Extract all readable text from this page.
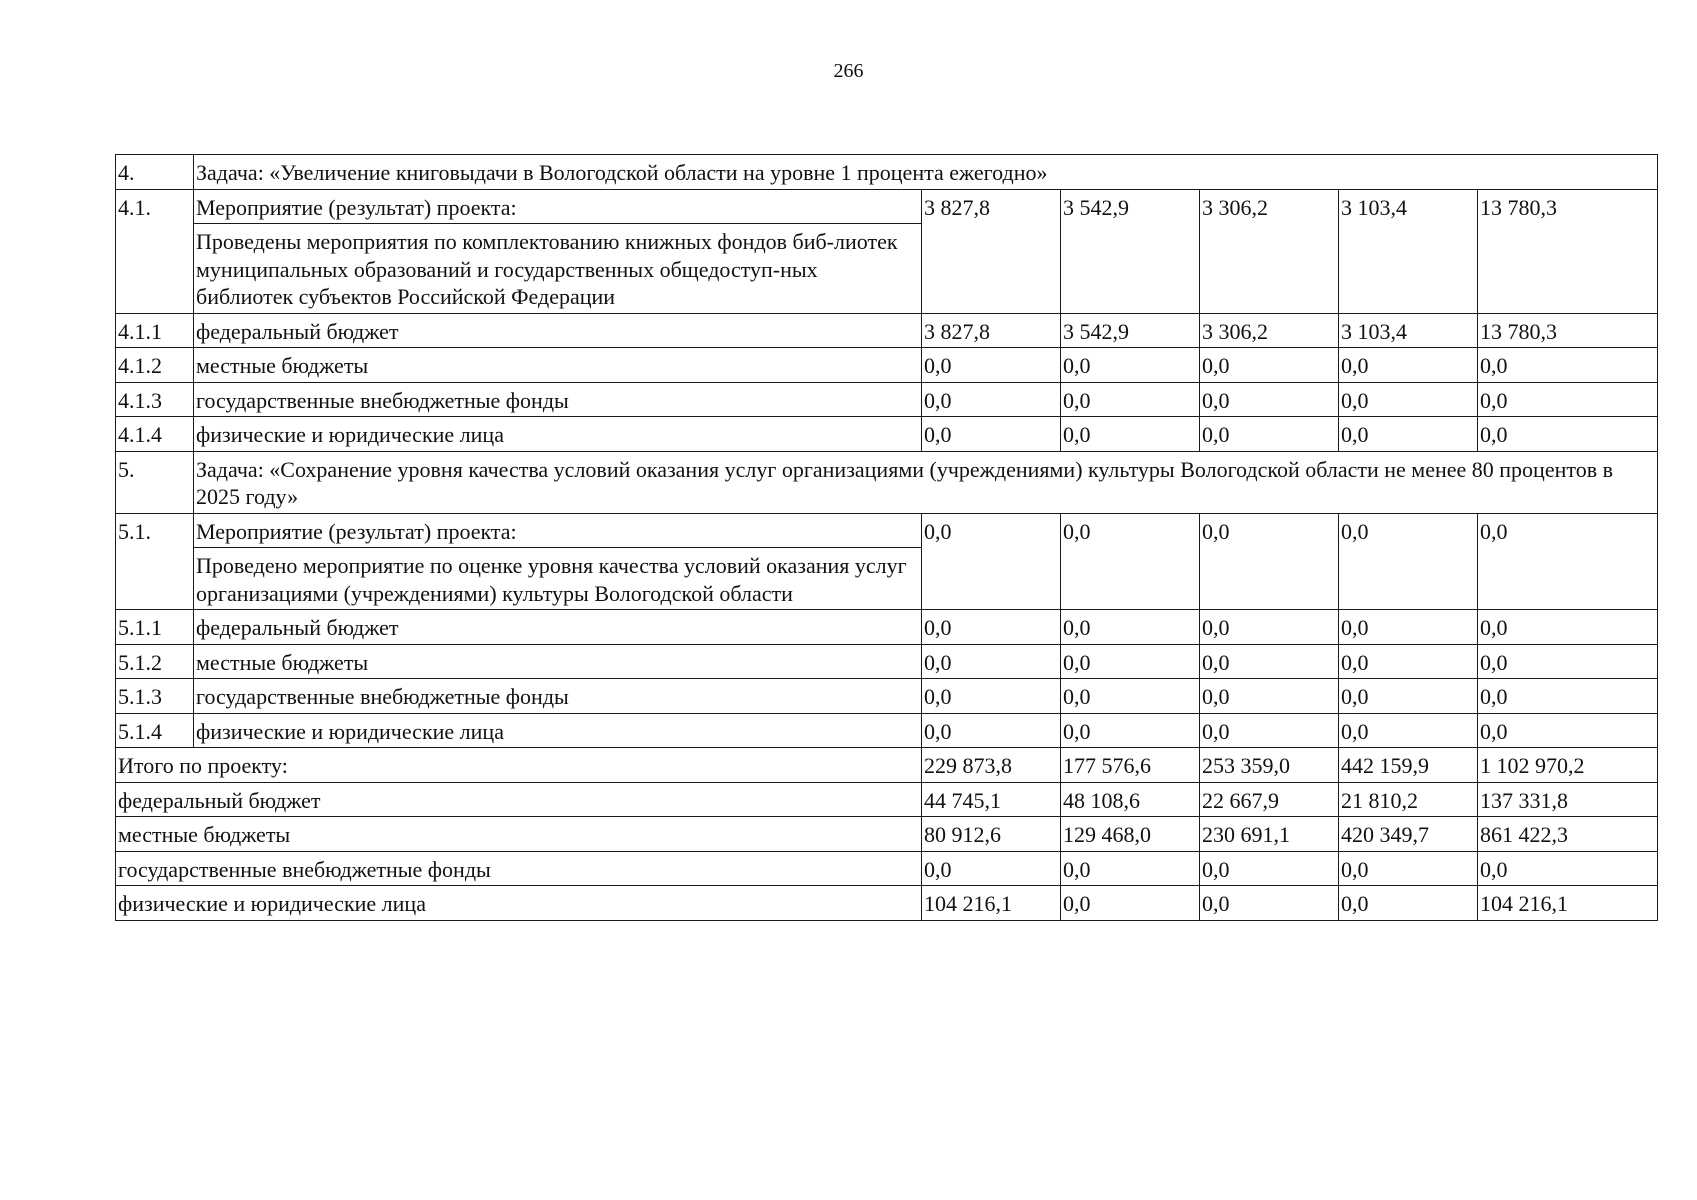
266
4.	Задача: «Увеличение книговыдачи в Вологодской области на уровне 1 процента ежегодно»					
4.1.	Мероприятие (результат) проекта:	3 827,8	3 542,9	3 306,2	3 103,4	13 780,3
	Проведены мероприятия по комплектованию книжных фондов биб-лиотек муниципальных образований и государственных общедоступ-ных библиотек субъектов Российской Федерации					
4.1.1	федеральный бюджет	3 827,8	3 542,9	3 306,2	3 103,4	13 780,3
4.1.2	местные бюджеты	0,0	0,0	0,0	0,0	0,0
4.1.3	государственные внебюджетные фонды	0,0	0,0	0,0	0,0	0,0
4.1.4	физические и юридические лица	0,0	0,0	0,0	0,0	0,0
5.	Задача: «Сохранение уровня качества условий оказания услуг организациями (учреждениями) культуры Вологодской области не менее 80 процентов в 2025 году»					
5.1.	Мероприятие (результат) проекта:	0,0	0,0	0,0	0,0	0,0
	Проведено мероприятие по оценке уровня качества условий оказания услуг организациями (учреждениями) культуры Вологодской области					
5.1.1	федеральный бюджет	0,0	0,0	0,0	0,0	0,0
5.1.2	местные бюджеты	0,0	0,0	0,0	0,0	0,0
5.1.3	государственные внебюджетные фонды	0,0	0,0	0,0	0,0	0,0
5.1.4	физические и юридические лица	0,0	0,0	0,0	0,0	0,0
Итого по проекту:		229 873,8	177 576,6	253 359,0	442 159,9	1 102 970,2
федеральный бюджет		44 745,1	48 108,6	22 667,9	21 810,2	137 331,8
местные бюджеты		80 912,6	129 468,0	230 691,1	420 349,7	861 422,3
государственные внебюджетные фонды		0,0	0,0	0,0	0,0	0,0
физические и юридические лица		104 216,1	0,0	0,0	0,0	104 216,1
